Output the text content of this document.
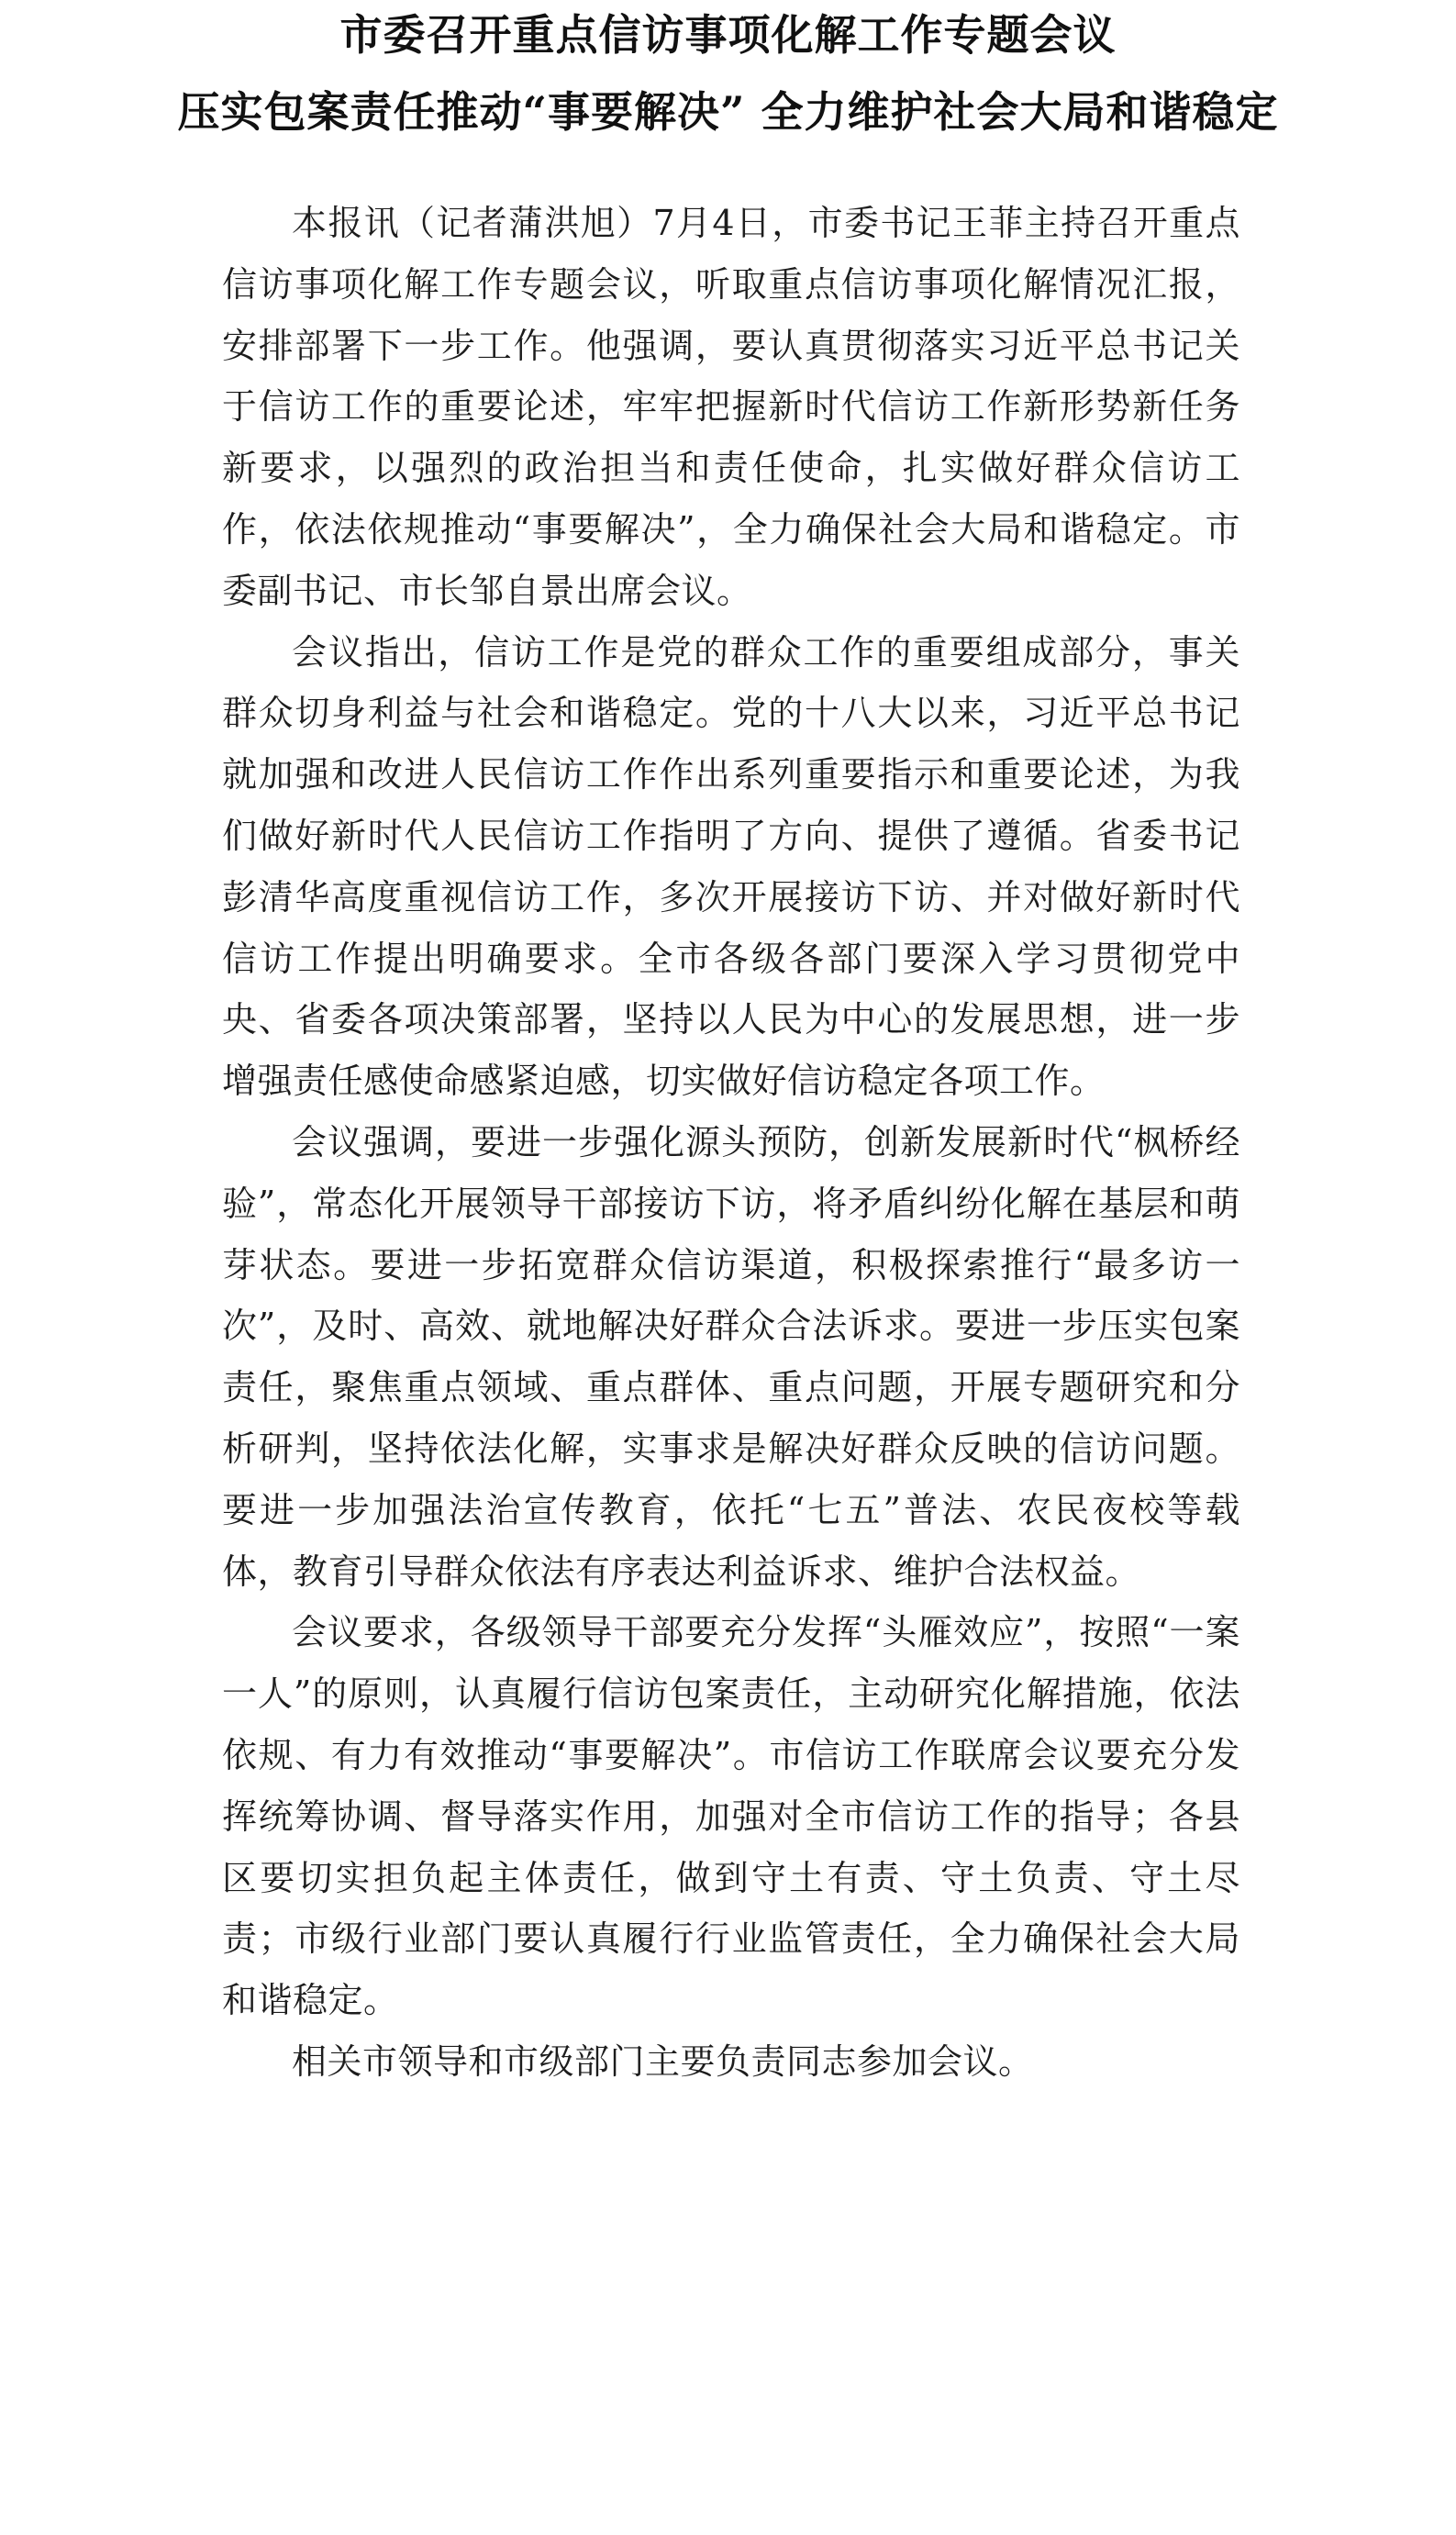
市委召开重点信访事项化解工作专题会议
压实包案责任推动“事要解决” 全力维护社会大局和谐稳定

本报讯（记者蒲洪旭）7月4日，市委书记王菲主持召开重点信访事项化解工作专题会议，听取重点信访事项化解情况汇报，安排部署下一步工作。他强调，要认真贯彻落实习近平总书记关于信访工作的重要论述，牢牢把握新时代信访工作新形势新任务新要求，以强烈的政治担当和责任使命，扎实做好群众信访工作，依法依规推动“事要解决”，全力确保社会大局和谐稳定。市委副书记、市长邹自景出席会议。

会议指出，信访工作是党的群众工作的重要组成部分，事关群众切身利益与社会和谐稳定。党的十八大以来，习近平总书记就加强和改进人民信访工作作出系列重要指示和重要论述，为我们做好新时代人民信访工作指明了方向、提供了遵循。省委书记彭清华高度重视信访工作，多次开展接访下访、并对做好新时代信访工作提出明确要求。全市各级各部门要深入学习贯彻党中央、省委各项决策部署，坚持以人民为中心的发展思想，进一步增强责任感使命感紧迫感，切实做好信访稳定各项工作。

会议强调，要进一步强化源头预防，创新发展新时代“枫桥经验”，常态化开展领导干部接访下访，将矛盾纠纷化解在基层和萌芽状态。要进一步拓宽群众信访渠道，积极探索推行“最多访一次”，及时、高效、就地解决好群众合法诉求。要进一步压实包案责任，聚焦重点领域、重点群体、重点问题，开展专题研究和分析研判，坚持依法化解，实事求是解决好群众反映的信访问题。要进一步加强法治宣传教育，依托“七五”普法、农民夜校等载体，教育引导群众依法有序表达利益诉求、维护合法权益。

会议要求，各级领导干部要充分发挥“头雁效应”，按照“一案一人”的原则，认真履行信访包案责任，主动研究化解措施，依法依规、有力有效推动“事要解决”。市信访工作联席会议要充分发挥统筹协调、督导落实作用，加强对全市信访工作的指导；各县区要切实担负起主体责任，做到守土有责、守土负责、守土尽责；市级行业部门要认真履行行业监管责任，全力确保社会大局和谐稳定。

相关市领导和市级部门主要负责同志参加会议。
